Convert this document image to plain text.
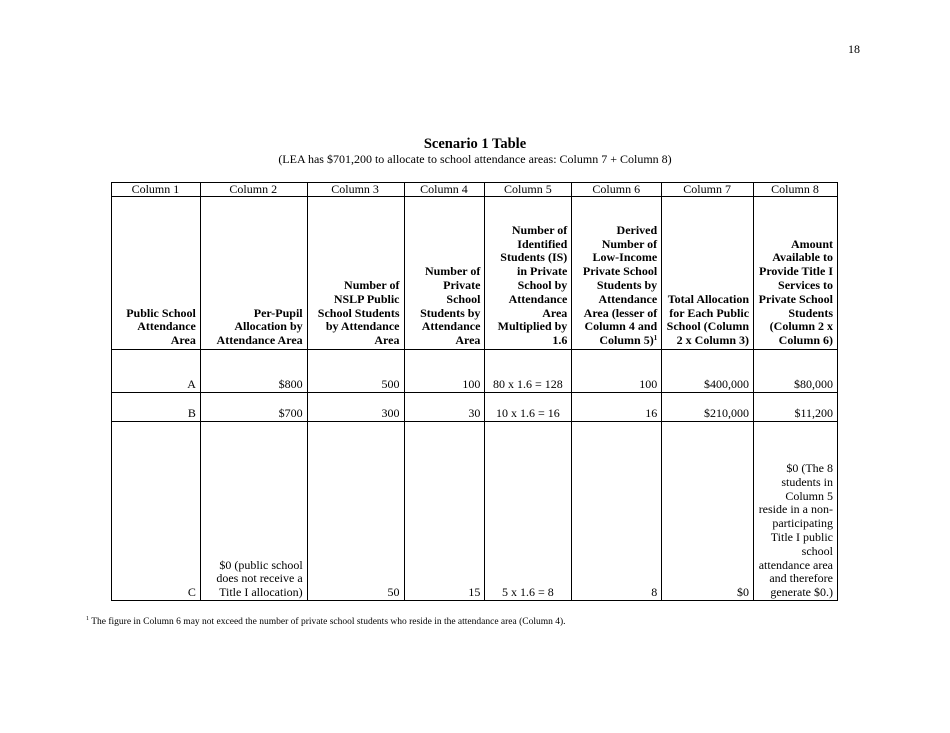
18
Scenario 1 Table
(LEA has $701,200 to allocate to school attendance areas: Column 7 + Column 8)
Column 1	Column 2	Column 3	Column 4	Column 5	Column 6	Column 7	Column 8
Public School Attendance Area	Per-Pupil Allocation by Attendance Area	Number of NSLP Public School Students by Attendance Area	Number of Private School Students by Attendance Area	Number of Identified Students (IS) in Private School by Attendance Area Multiplied by 1.6	Derived Number of Low-Income Private School Students by Attendance Area (lesser of Column 4 and Column 5)$^1$	Total Allocation for Each Public School (Column 2 x Column 3)	Amount Available to Provide Title I Services to Private School Students (Column 2 x Column 6)
A	$800	500	100	80 x 1.6 = 128	100	$400,000	$80,000
B	$700	300	30	10 x 1.6 = 16	16	$210,000	$11,200
C	$0 (public school does not receive a Title I allocation)	50	15	5 x 1.6 = 8	8	$0	$0 (The 8 students in Column 5 reside in a non-participating Title I public school attendance area and therefore generate $0.)
$^1$ The figure in Column 6 may not exceed the number of private school students who reside in the attendance area (Column 4).
